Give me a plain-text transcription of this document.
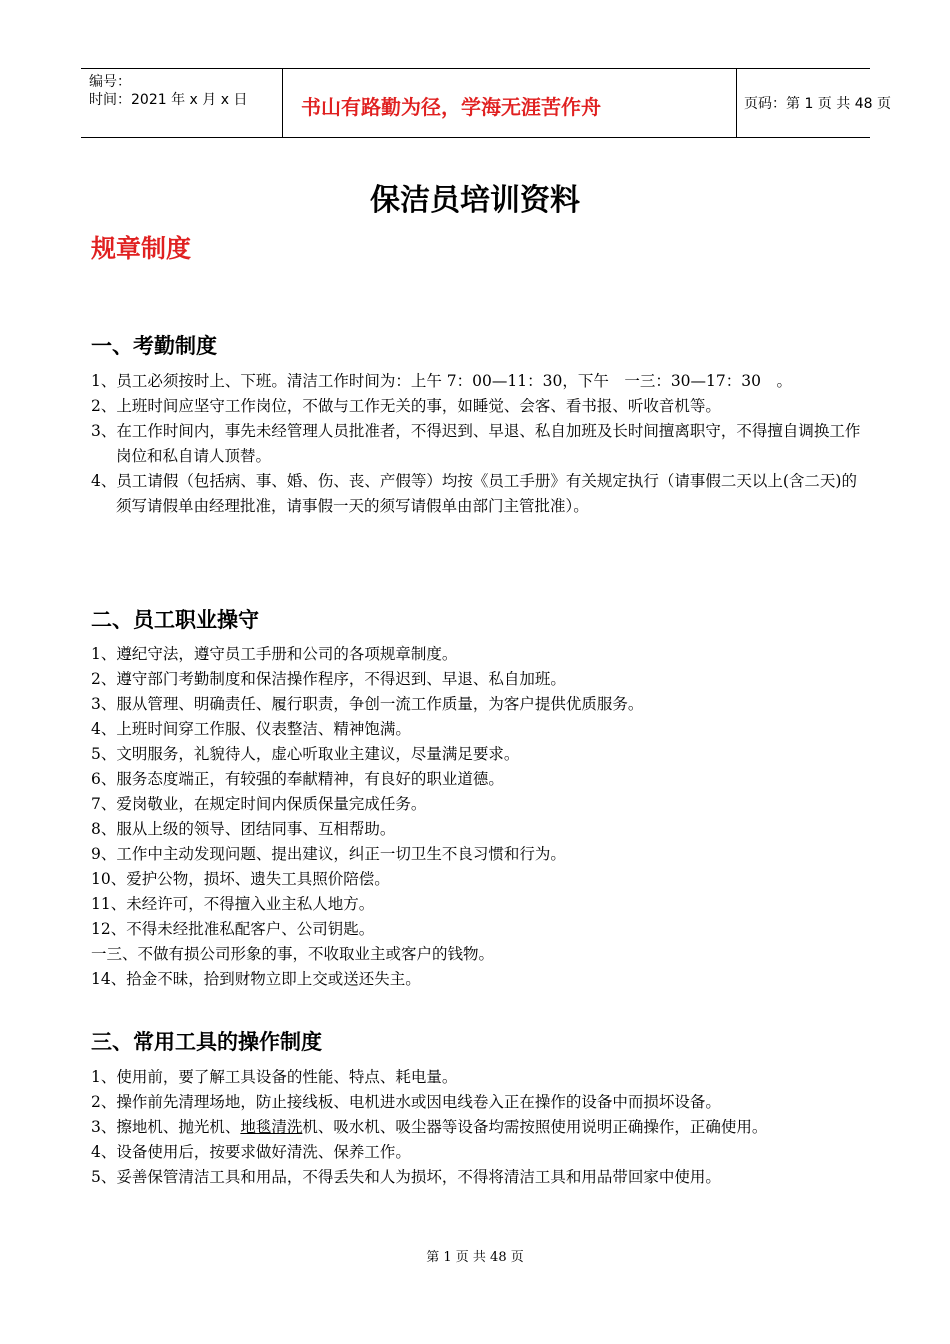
编号：
时间：2021 年 x 月 x 日	书山有路勤为径，学海无涯苦作舟	页码：第 1 页 共 48 页
保洁员培训资料
规章制度
一、考勤制度
1、员工必须按时上、下班。清洁工作时间为：上午 7：00—11：30，下午　一三：30—17：30　。
2、上班时间应坚守工作岗位，不做与工作无关的事，如睡觉、会客、看书报、听收音机等。
3、在工作时间内，事先未经管理人员批准者，不得迟到、早退、私自加班及长时间擅离职守，不得擅自调换工作岗位和私自请人顶替。
4、员工请假（包括病、事、婚、伤、丧、产假等）均按《员工手册》有关规定执行（请事假二天以上(含二天)的须写请假单由经理批准，请事假一天的须写请假单由部门主管批准）。
二、员工职业操守
1、遵纪守法，遵守员工手册和公司的各项规章制度。
2、遵守部门考勤制度和保洁操作程序，不得迟到、早退、私自加班。
3、服从管理、明确责任、履行职责，争创一流工作质量，为客户提供优质服务。
4、上班时间穿工作服、仪表整洁、精神饱满。
5、文明服务，礼貌待人，虚心听取业主建议，尽量满足要求。
6、服务态度端正，有较强的奉献精神，有良好的职业道德。
7、爱岗敬业，在规定时间内保质保量完成任务。
8、服从上级的领导、团结同事、互相帮助。
9、工作中主动发现问题、提出建议，纠正一切卫生不良习惯和行为。
10、爱护公物，损坏、遗失工具照价陪偿。
11、未经许可，不得擅入业主私人地方。
12、不得未经批准私配客户、公司钥匙。
一三、不做有损公司形象的事，不收取业主或客户的钱物。
14、拾金不昧，拾到财物立即上交或送还失主。
三、常用工具的操作制度
1、使用前，要了解工具设备的性能、特点、耗电量。
2、操作前先清理场地，防止接线板、电机进水或因电线卷入正在操作的设备中而损坏设备。
3、擦地机、抛光机、地毯清洗机、吸水机、吸尘器等设备均需按照使用说明正确操作，正确使用。
4、设备使用后，按要求做好清洗、保养工作。
5、妥善保管清洁工具和用品，不得丢失和人为损坏，不得将清洁工具和用品带回家中使用。
第 1 页 共 48 页
